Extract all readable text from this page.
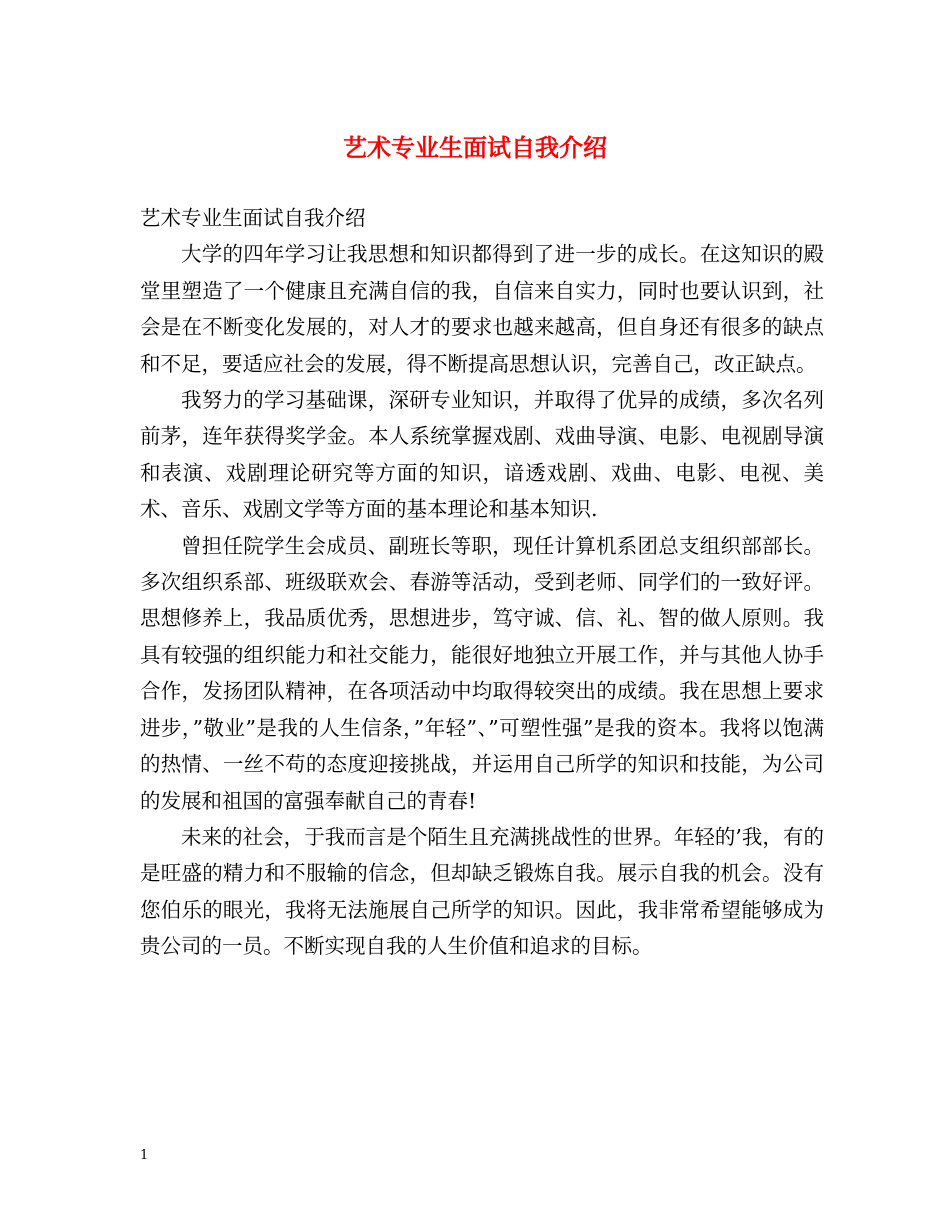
艺术专业生面试自我介绍

艺术专业生面试自我介绍

大学的四年学习让我思想和知识都得到了进一步的成长。在这知识的殿堂里塑造了一个健康且充满自信的我，自信来自实力，同时也要认识到，社会是在不断变化发展的，对人才的要求也越来越高，但自身还有很多的缺点和不足，要适应社会的发展，得不断提高思想认识，完善自己，改正缺点。

我努力的学习基础课，深研专业知识，并取得了优异的成绩，多次名列前茅，连年获得奖学金。本人系统掌握戏剧、戏曲导演、电影、电视剧导演和表演、戏剧理论研究等方面的知识，谙透戏剧、戏曲、电影、电视、美术、音乐、戏剧文学等方面的基本理论和基本知识.

曾担任院学生会成员、副班长等职，现任计算机系团总支组织部部长。多次组织系部、班级联欢会、春游等活动，受到老师、同学们的一致好评。思想修养上，我品质优秀，思想进步，笃守诚、信、礼、智的做人原则。我具有较强的组织能力和社交能力，能很好地独立开展工作，并与其他人协手合作，发扬团队精神，在各项活动中均取得较突出的成绩。我在思想上要求进步，”敬业”是我的人生信条，”年轻”、”可塑性强”是我的资本。我将以饱满的热情、一丝不苟的态度迎接挑战，并运用自己所学的知识和技能，为公司的发展和祖国的富强奉献自己的青春!

未来的社会，于我而言是个陌生且充满挑战性的世界。年轻的’我，有的是旺盛的精力和不服输的信念，但却缺乏锻炼自我。展示自我的机会。没有您伯乐的眼光，我将无法施展自己所学的知识。因此，我非常希望能够成为贵公司的一员。不断实现自我的人生价值和追求的目标。

1
